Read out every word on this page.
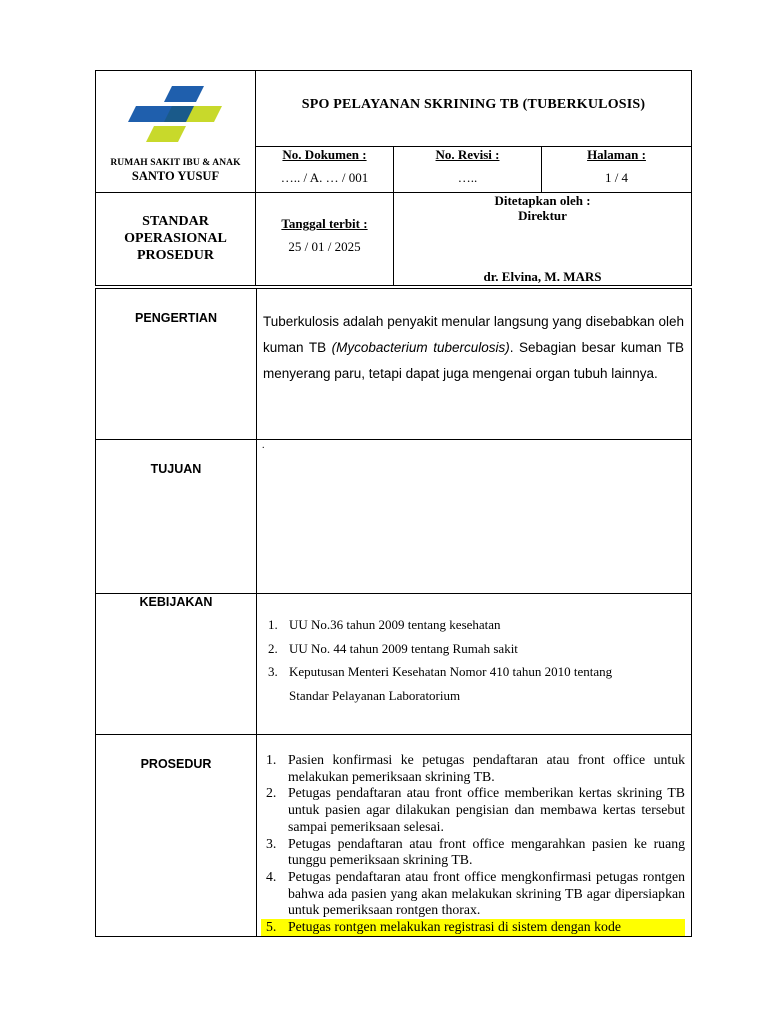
RUMAH SAKIT IBU & ANAK
SANTO YUSUF
SPO PELAYANAN SKRINING TB (TUBERKULOSIS)
No. Dokumen :
….. / A. … / 001
No. Revisi :
…..
Halaman :
1 / 4
STANDAR
OPERASIONAL
PROSEDUR
Tanggal terbit :
25 / 01 / 2025
Ditetapkan oleh :
Direktur
dr. Elvina, M. MARS
PENGERTIAN	Tuberkulosis adalah penyakit menular langsung yang disebabkan oleh kuman TB (Mycobacterium tuberculosis). Sebagian besar kuman TB menyerang paru, tetapi dapat juga mengenai organ tubuh lainnya.
TUJUAN
.
KEBIJAKAN
1. UU No.36 tahun 2009 tentang kesehatan
2. UU No. 44 tahun 2009 tentang Rumah sakit
3. Keputusan Menteri Kesehatan Nomor 410 tahun 2010 tentang Standar Pelayanan Laboratorium
PROSEDUR	1. Pasien konfirmasi ke petugas pendaftaran atau front office untuk melakukan pemeriksaan skrining TB.
2. Petugas pendaftaran atau front office memberikan kertas skrining TB untuk pasien agar dilakukan pengisian dan membawa kertas tersebut sampai pemeriksaan selesai.
3. Petugas pendaftaran atau front office mengarahkan pasien ke ruang tunggu pemeriksaan skrining TB.
4. Petugas pendaftaran atau front office mengkonfirmasi petugas rontgen bahwa ada pasien yang akan melakukan skrining TB agar dipersiapkan untuk pemeriksaan rontgen thorax.
5. Petugas rontgen melakukan registrasi di sistem dengan kode
